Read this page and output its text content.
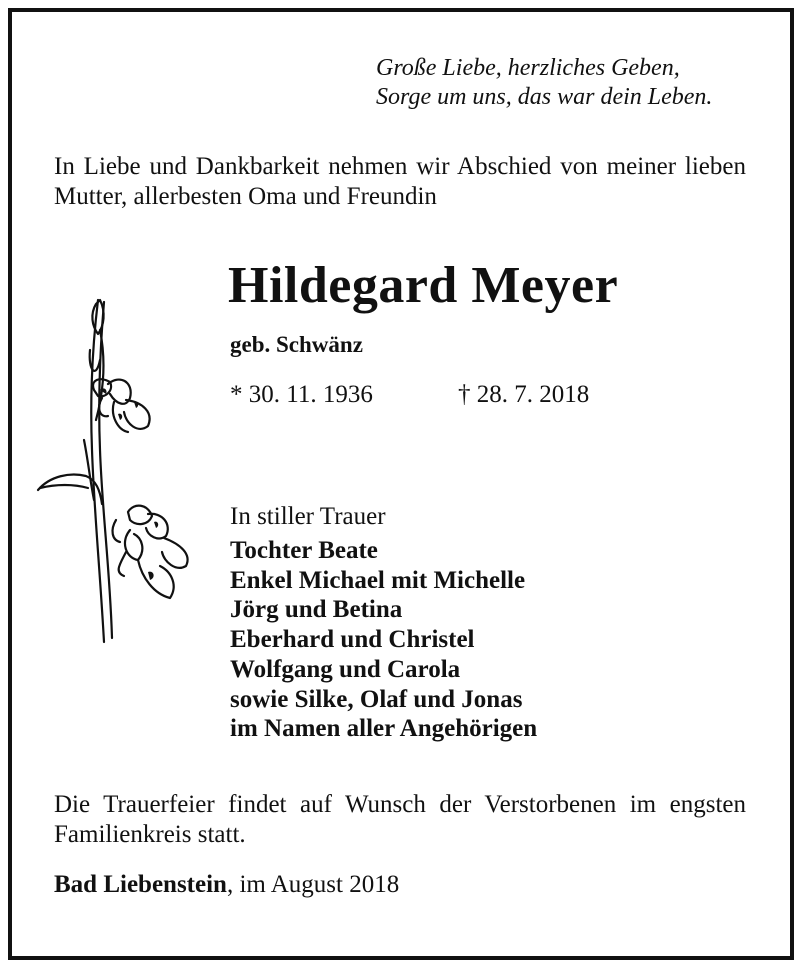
Große Liebe, herzliches Geben,
Sorge um uns, das war dein Leben.
In Liebe und Dankbarkeit nehmen wir Abschied von meiner lieben Mutter, allerbesten Oma und Freundin
Hildegard Meyer
geb. Schwänz
* 30. 11. 1936	† 28. 7. 2018
In stiller Trauer
Tochter Beate
Enkel Michael mit Michelle
Jörg und Betina
Eberhard und Christel
Wolfgang und Carola
sowie Silke, Olaf und Jonas
im Namen aller Angehörigen
Die Trauerfeier findet auf Wunsch der Verstorbenen im engsten Familienkreis statt.
Bad Liebenstein, im August 2018
